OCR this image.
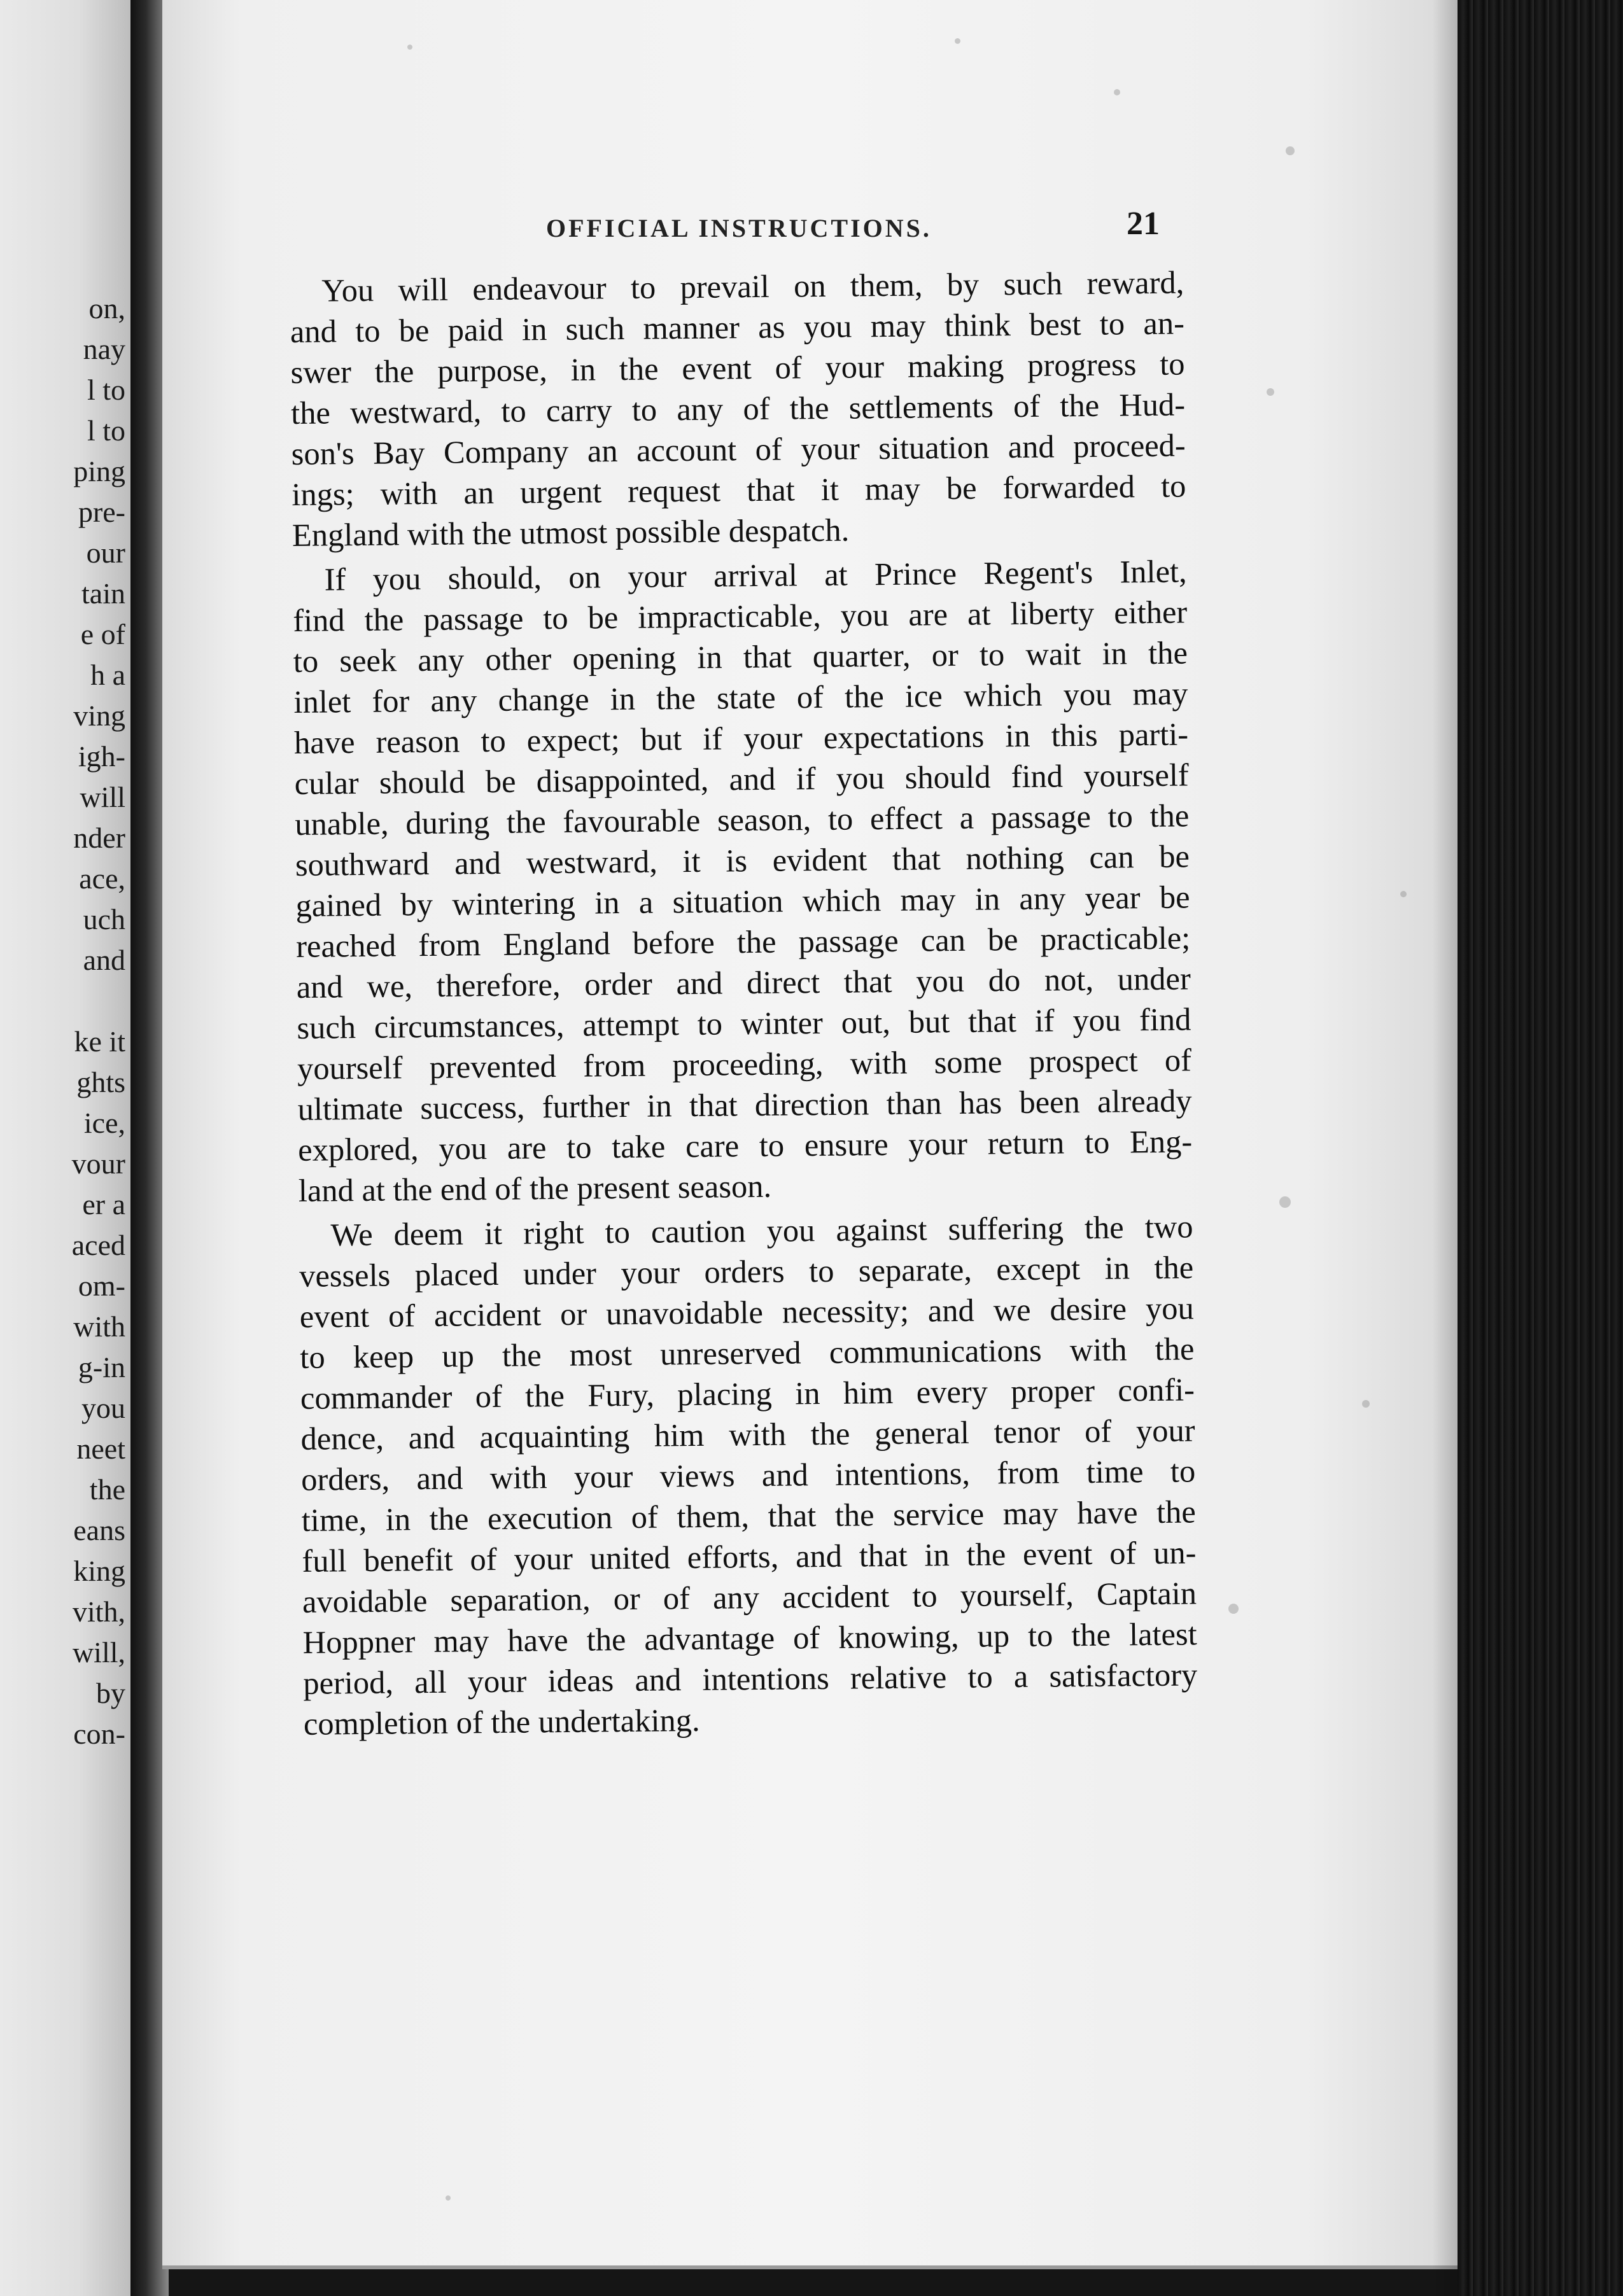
on,
nay
l to
l to
ping
pre-
our
tain
e of
h a
ving
igh-
will
nder
ace,
uch
and
ke it
ghts
ice,
vour
er a
aced
om-
with
g-in
you
neet
the
eans
king
vith,
will,
by
con-
OFFICIAL INSTRUCTIONS.	21
You will endeavour to prevail on them, by such reward,
and to be paid in such manner as you may think best to an-
swer the purpose, in the event of your making progress to
the westward, to carry to any of the settlements of the Hud-
son's Bay Company an account of your situation and proceed-
ings; with an urgent request that it may be forwarded to
England with the utmost possible despatch.
If you should, on your arrival at Prince Regent's Inlet,
find the passage to be impracticable, you are at liberty either
to seek any other opening in that quarter, or to wait in the
inlet for any change in the state of the ice which you may
have reason to expect; but if your expectations in this parti-
cular should be disappointed, and if you should find yourself
unable, during the favourable season, to effect a passage to the
southward and westward, it is evident that nothing can be
gained by wintering in a situation which may in any year be
reached from England before the passage can be practicable;
and we, therefore, order and direct that you do not, under
such circumstances, attempt to winter out, but that if you find
yourself prevented from proceeding, with some prospect of
ultimate success, further in that direction than has been already
explored, you are to take care to ensure your return to Eng-
land at the end of the present season.
We deem it right to caution you against suffering the two
vessels placed under your orders to separate, except in the
event of accident or unavoidable necessity; and we desire you
to keep up the most unreserved communications with the
commander of the Fury, placing in him every proper confi-
dence, and acquainting him with the general tenor of your
orders, and with your views and intentions, from time to
time, in the execution of them, that the service may have the
full benefit of your united efforts, and that in the event of un-
avoidable separation, or of any accident to yourself, Captain
Hoppner may have the advantage of knowing, up to the latest
period, all your ideas and intentions relative to a satisfactory
completion of the undertaking.
